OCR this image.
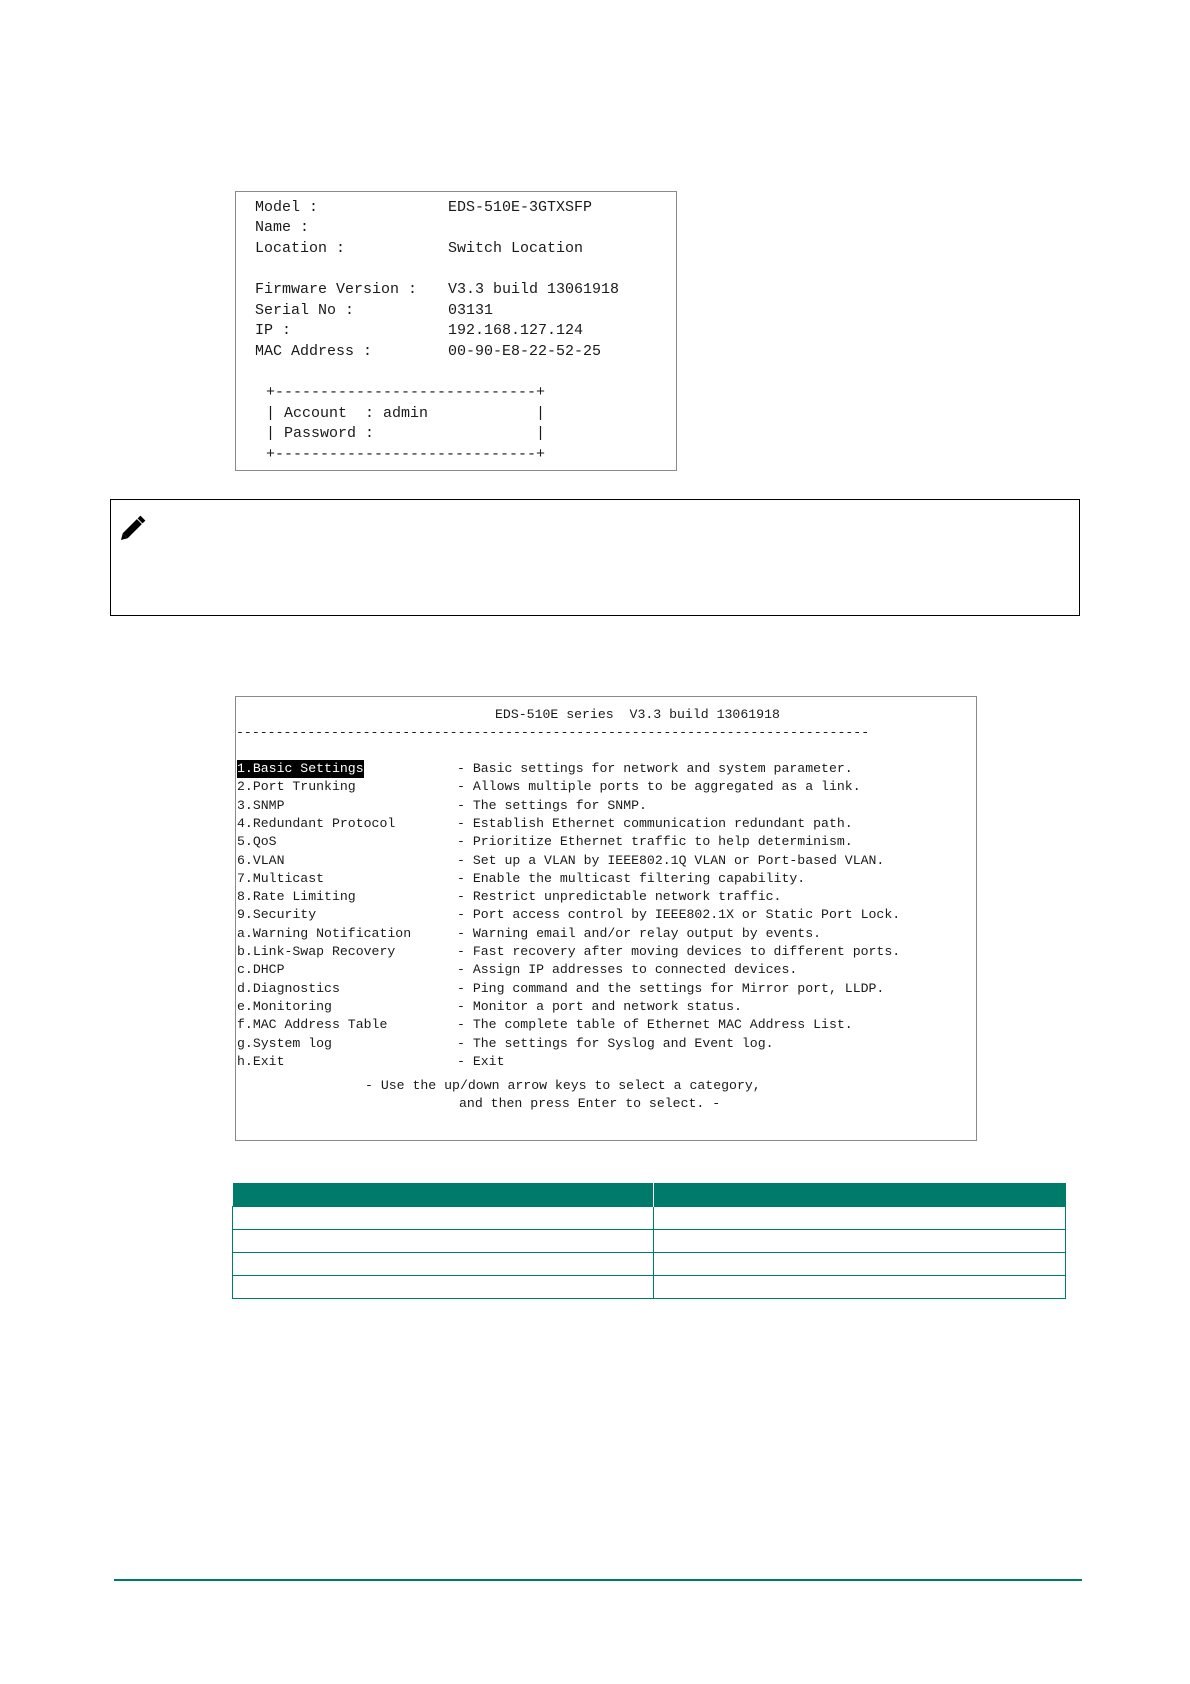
Model :	EDS-510E-3GTXSFP
Name :
Location :	Switch Location
Firmware Version : V3.3 build 13061918
Serial No :	03131
IP :	192.168.127.124
MAC Address :	00-90-E8-22-52-25
+-----------------------------+
| Account  : admin            |
| Password :                  |
+-----------------------------+
EDS-510E series  V3.3 build 13061918
--------------------------------------------------------------------------------
1.Basic Settings	- Basic settings for network and system parameter.
2.Port Trunking	- Allows multiple ports to be aggregated as a link.
3.SNMP	- The settings for SNMP.
4.Redundant Protocol	- Establish Ethernet communication redundant path.
5.QoS	- Prioritize Ethernet traffic to help determinism.
6.VLAN	- Set up a VLAN by IEEE802.1Q VLAN or Port-based VLAN.
7.Multicast	- Enable the multicast filtering capability.
8.Rate Limiting	- Restrict unpredictable network traffic.
9.Security	- Port access control by IEEE802.1X or Static Port Lock.
a.Warning Notification	- Warning email and/or relay output by events.
b.Link-Swap Recovery	- Fast recovery after moving devices to different ports.
c.DHCP	- Assign IP addresses to connected devices.
d.Diagnostics	- Ping command and the settings for Mirror port, LLDP.
e.Monitoring	- Monitor a port and network status.
f.MAC Address Table	- The complete table of Ethernet MAC Address List.
g.System log	- The settings for Syslog and Event log.
h.Exit	- Exit
- Use the up/down arrow keys to select a category,
and then press Enter to select. -
